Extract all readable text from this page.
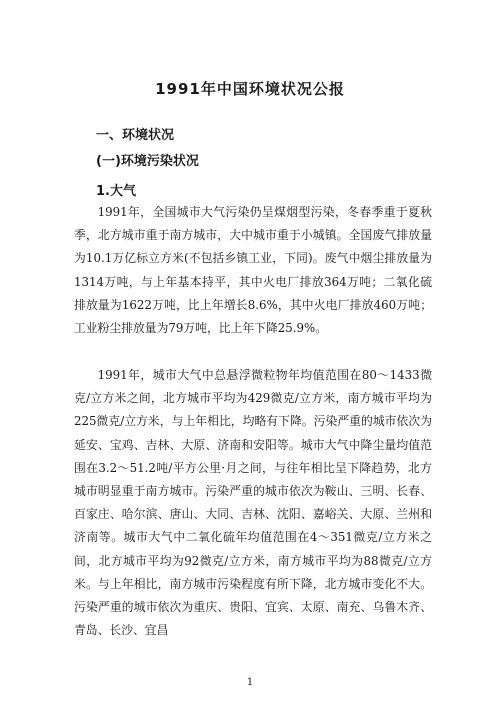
1991年中国环境状况公报
一、环境状况
(一)环境污染状况
1.大气

1991年，全国城市大气污染仍呈煤烟型污染，冬春季重于夏秋季，北方城市重于南方城市，大中城市重于小城镇。全国废气排放量为10.1万亿标立方米(不包括乡镇工业，下同)。废气中烟尘排放量为1314万吨，与上年基本持平，其中火电厂排放364万吨；二氧化硫排放量为1622万吨，比上年增长8.6%，其中火电厂排放460万吨；工业粉尘排放量为79万吨，比上年下降25.9%。

1991年，城市大气中总悬浮微粒物年均值范围在80～1433微克/立方米之间，北方城市平均为429微克/立方米，南方城市平均为225微克/立方米，与上年相比，均略有下降。污染严重的城市依次为延安、宝鸡、吉林、大原、济南和安阳等。城市大气中降尘量均值范围在3.2～51.2吨/平方公里·月之间，与往年相比呈下降趋势，北方城市明显重于南方城市。污染严重的城市依次为鞍山、三明、长春、百家庄、哈尔滨、唐山、大同、吉林、沈阳、嘉峪关、大原、兰州和济南等。城市大气中二氧化硫年均值范围在4～351微克/立方米之间，北方城市平均为92微克/立方米，南方城市平均为88微克/立方米。与上年相比，南方城市污染程度有所下降，北方城市变化不大。污染严重的城市依次为重庆、贵阳、宜宾、太原、南充、乌鲁木齐、青岛、长沙、宜昌

1
